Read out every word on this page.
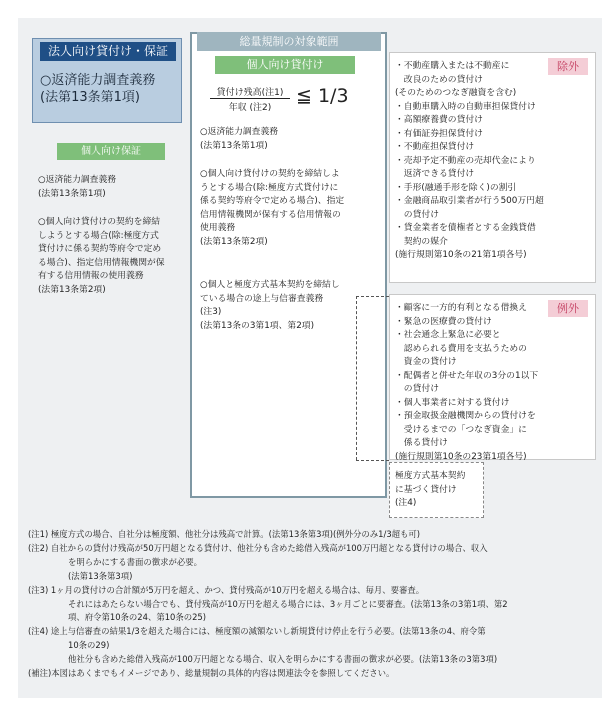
法人向け貸付け・保証
○返済能力調査義務
(法第13条第1項)
個人向け保証
○返済能力調査義務
(法第13条第1項)
○個人向け貸付けの契約を締結
しようとする場合(除:極度方式
貸付けに係る契約等府令で定め
る場合)、指定信用情報機関が保
有する信用情報の使用義務
(法第13条第2項)
総量規制の対象範囲
個人向け貸付け
貸付け残高(注1)
年収 (注2)
≦ 1/3
○返済能力調査義務
(法第13条第1項)
○個人向け貸付けの契約を締結しよ
うとする場合(除:極度方式貸付けに
係る契約等府令で定める場合)、指定
信用情報機関が保有する信用情報の
使用義務
(法第13条第2項)
○個人と極度方式基本契約を締結し
ている場合の途上与信審査義務
(注3)
(法第13条の3第1項、第2項)
除外
・不動産購入または不動産に
　改良のための貸付け
(そのためのつなぎ融資を含む)
・自動車購入時の自動車担保貸付け
・高額療養費の貸付け
・有価証券担保貸付け
・不動産担保貸付け
・売却予定不動産の売却代金により
　返済できる貸付け
・手形(融通手形を除く)の割引
・金融商品取引業者が行う500万円超
　の貸付け
・貸金業者を債権者とする金銭貸借
　契約の媒介
(施行規則第10条の21第1項各号)
例外
・顧客に一方的有利となる借換え
・緊急の医療費の貸付け
・社会通念上緊急に必要と
　認められる費用を支払うための
　資金の貸付け
・配偶者と併せた年収の3分の1以下
　の貸付け
・個人事業者に対する貸付け
・預金取扱金融機関からの貸付けを
　受けるまでの「つなぎ資金」に
　係る貸付け
(施行規則第10条の23第1項各号)
極度方式基本契約
に基づく貸付け
(注4)
(注1) 極度方式の場合、自社分は極度額、他社分は残高で計算。(法第13条第3項)(例外分のみ1/3超も可)
(注2) 自社からの貸付け残高が50万円超となる貸付け、他社分も含めた総借入残高が100万円超となる貸付けの場合、収入
を明らかにする書面の徴求が必要。
(法第13条第3項)
(注3) 1ヶ月の貸付けの合計額が5万円を超え、かつ、貸付残高が10万円を超える場合は、毎月、要審査。
それにはあたらない場合でも、貸付残高が10万円を超える場合には、3ヶ月ごとに要審査。(法第13条の3第1項、第2
項、府令第10条の24、第10条の25)
(注4) 途上与信審査の結果1/3を超えた場合には、極度額の減額ないし新規貸付け停止を行う必要。(法第13条の4、府令第
10条の29)
他社分も含めた総借入残高が100万円超となる場合、収入を明らかにする書面の徴求が必要。(法第13条の3第3項)
(補注)本図はあくまでもイメージであり、総量規制の具体的内容は関連法令を参照してください。
